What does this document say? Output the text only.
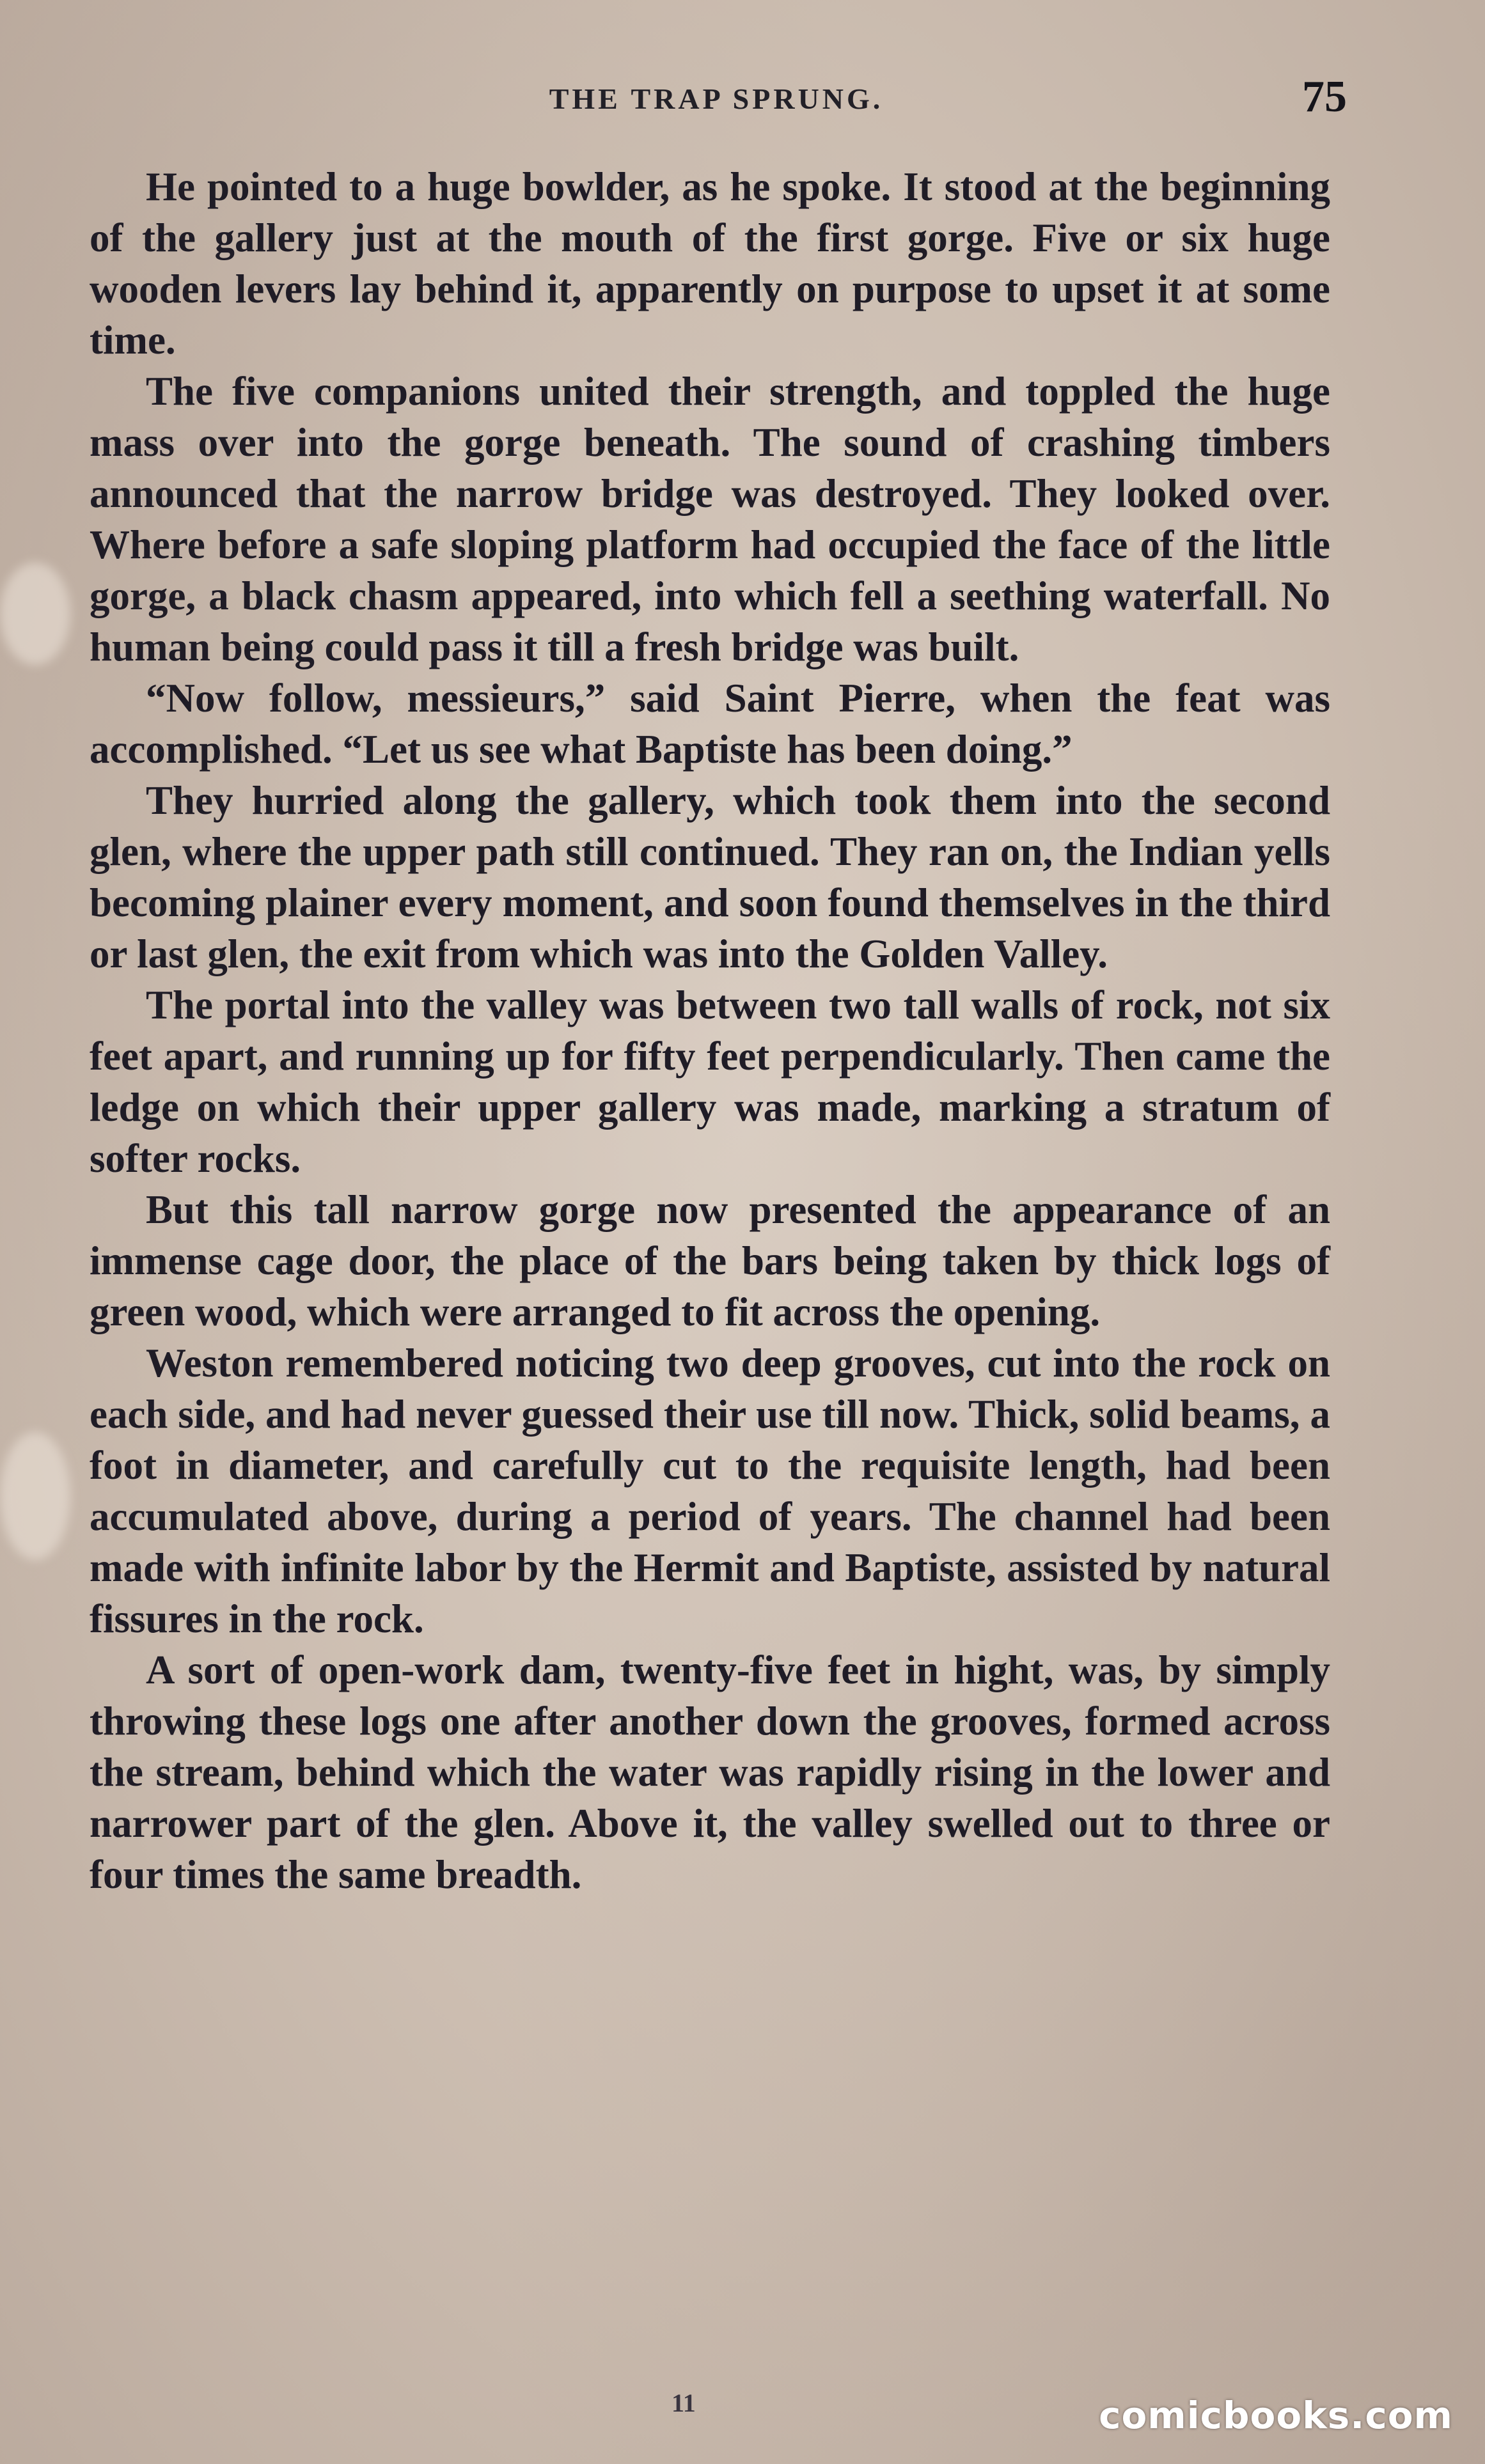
THE TRAP SPRUNG.	75

He pointed to a huge bowlder, as he spoke. It stood at the beginning of the gallery just at the mouth of the first gorge. Five or six huge wooden levers lay behind it, apparently on purpose to upset it at some time.

The five companions united their strength, and toppled the huge mass over into the gorge beneath. The sound of crashing timbers announced that the narrow bridge was destroyed. They looked over. Where before a safe sloping platform had occupied the face of the little gorge, a black chasm appeared, into which fell a seething waterfall. No human being could pass it till a fresh bridge was built.

“Now follow, messieurs,” said Saint Pierre, when the feat was accomplished. “Let us see what Baptiste has been doing.”

They hurried along the gallery, which took them into the second glen, where the upper path still continued. They ran on, the Indian yells becoming plainer every moment, and soon found themselves in the third or last glen, the exit from which was into the Golden Valley.

The portal into the valley was between two tall walls of rock, not six feet apart, and running up for fifty feet perpendicularly. Then came the ledge on which their upper gallery was made, marking a stratum of softer rocks.

But this tall narrow gorge now presented the appearance of an immense cage door, the place of the bars being taken by thick logs of green wood, which were arranged to fit across the opening.

Weston remembered noticing two deep grooves, cut into the rock on each side, and had never guessed their use till now. Thick, solid beams, a foot in diameter, and carefully cut to the requisite length, had been accumulated above, during a period of years. The channel had been made with infinite labor by the Hermit and Baptiste, assisted by natural fissures in the rock.

A sort of open-work dam, twenty-five feet in hight, was, by simply throwing these logs one after another down the grooves, formed across the stream, behind which the water was rapidly rising in the lower and narrower part of the glen. Above it, the valley swelled out to three or four times the same breadth.

11	comicbooks.com
